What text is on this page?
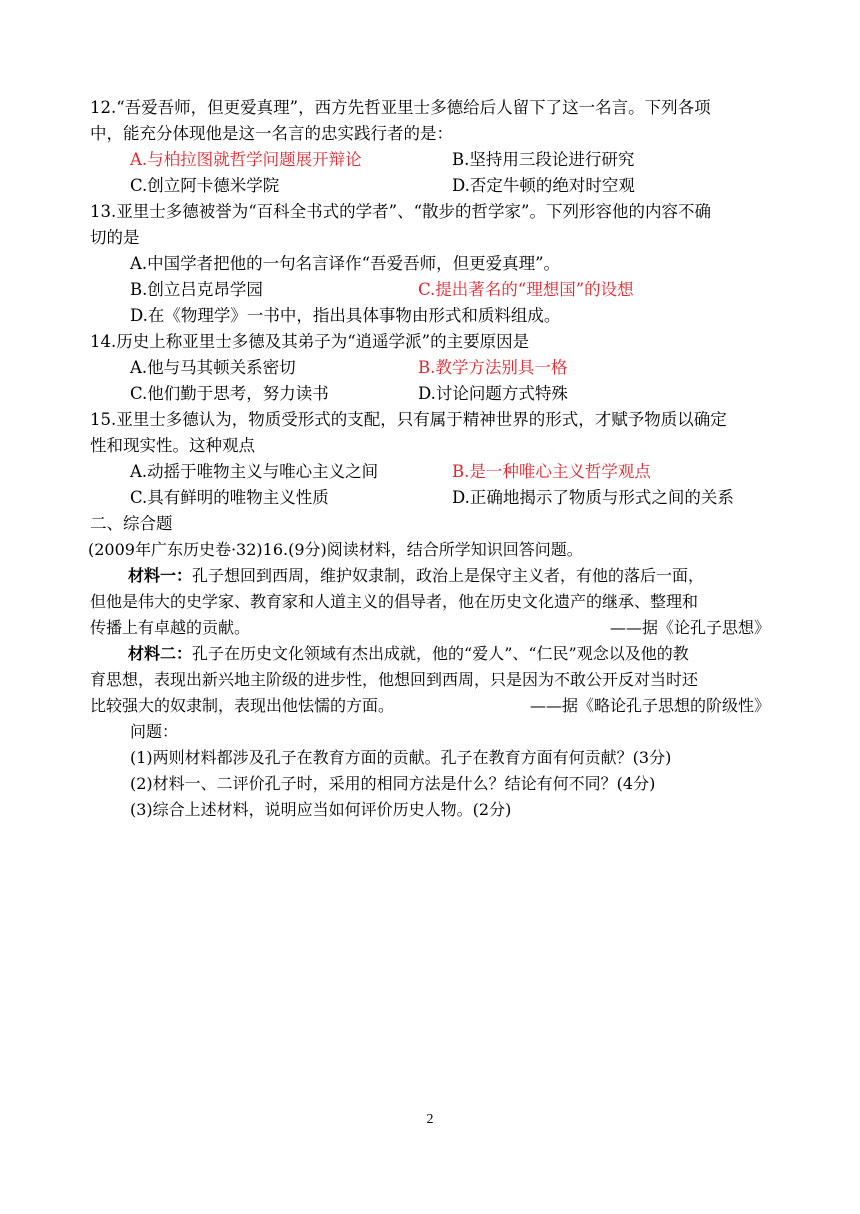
12.“吾爱吾师，但更爱真理”，西方先哲亚里士多德给后人留下了这一名言。下列各项
中，能充分体现他是这一名言的忠实践行者的是：
A.与柏拉图就哲学问题展开辩论	B.坚持用三段论进行研究
C.创立阿卡德米学院	D.否定牛顿的绝对时空观
13.亚里士多德被誉为“百科全书式的学者”、“散步的哲学家”。下列形容他的内容不确
切的是
A.中国学者把他的一句名言译作“吾爱吾师，但更爱真理”。
B.创立吕克昂学园	C.提出著名的“理想国”的设想
D.在《物理学》一书中，指出具体事物由形式和质料组成。
14.历史上称亚里士多德及其弟子为“逍遥学派”的主要原因是
A.他与马其顿关系密切	B.教学方法别具一格
C.他们勤于思考，努力读书	D.讨论问题方式特殊
15.亚里士多德认为，物质受形式的支配，只有属于精神世界的形式，才赋予物质以确定
性和现实性。这种观点
A.动摇于唯物主义与唯心主义之间	B.是一种唯心主义哲学观点
C.具有鲜明的唯物主义性质	D.正确地揭示了物质与形式之间的关系
二、综合题
(2009年广东历史卷·32)16.(9分)阅读材料，结合所学知识回答问题。
材料一：孔子想回到西周，维护奴隶制，政治上是保守主义者，有他的落后一面，
但他是伟大的史学家、教育家和人道主义的倡导者，他在历史文化遗产的继承、整理和
传播上有卓越的贡献。	——据《论孔子思想》
材料二：孔子在历史文化领域有杰出成就，他的“爱人”、“仁民”观念以及他的教
育思想，表现出新兴地主阶级的进步性，他想回到西周，只是因为不敢公开反对当时还
比较强大的奴隶制，表现出他怯懦的方面。	——据《略论孔子思想的阶级性》
问题：
(1)两则材料都涉及孔子在教育方面的贡献。孔子在教育方面有何贡献？(3分)
(2)材料一、二评价孔子时，采用的相同方法是什么？结论有何不同？(4分)
(3)综合上述材料，说明应当如何评价历史人物。(2分)
2
